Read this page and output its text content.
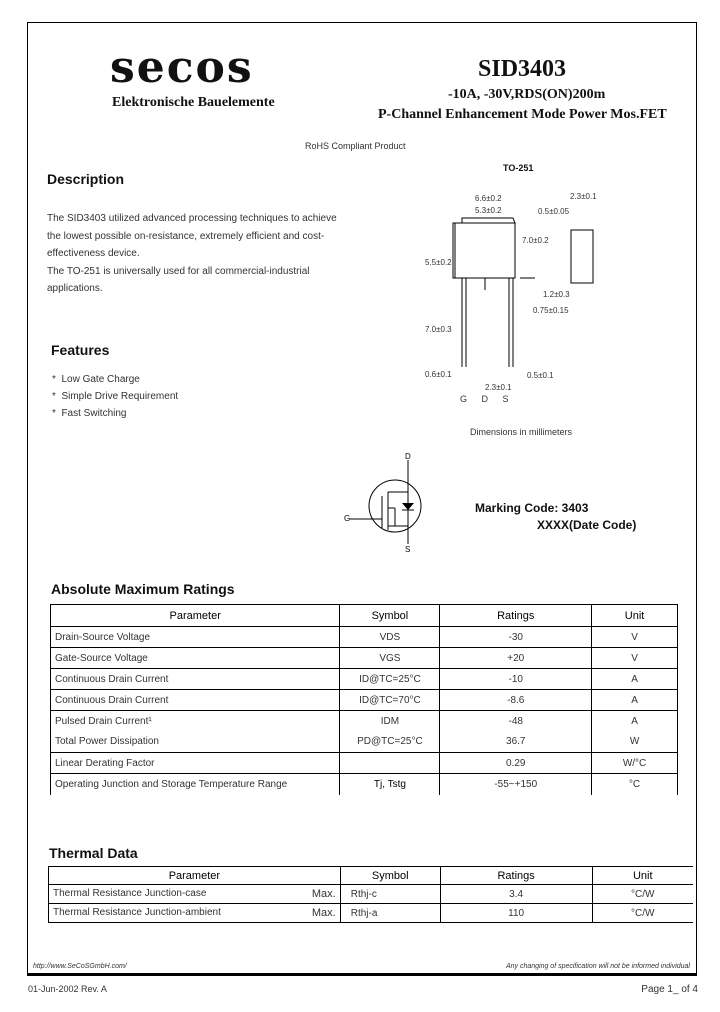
secos
Elektronische Bauelemente
SID3403
-10A, -30V,RDS(ON)200m
P-Channel Enhancement Mode Power Mos.FET
RoHS Compliant Product
Description
The SID3403 utilized advanced processing techniques to achieve
the lowest possible on-resistance, extremely efficient and cost-
effectiveness device.
The TO-251 is universally used for all commercial-industrial
applications.
Features
*  Low Gate Charge
*  Simple Drive Requirement
*  Fast Switching
TO-251
6.6±0.2
5.3±0.2	0.5±0.05
2.3±0.1
7.0±0.2
5.5±0.2
1.2±0.3
0.75±0.15
7.0±0.3
0.6±0.1	0.5±0.1
2.3±0.1
G D S
Dimensions in millimeters
D
G
S
Marking Code: 3403
XXXX(Date Code)
Absolute Maximum Ratings
Parameter	Symbol	Ratings	Unit
Drain-Source Voltage	VDS	-30	V
Gate-Source Voltage	VGS	+20	V
Continuous Drain Current	ID@TC=25°C	-10	A
Continuous Drain Current	ID@TC=70°C	-8.6	A
Pulsed Drain Current¹	IDM	-48	A
Total Power Dissipation	PD@TC=25°C	36.7	W
Linear Derating Factor		0.29	W/°C
Operating Junction and Storage Temperature Range	Tj, Tstg	-55~+150	°C
Thermal Data
Parameter	Symbol	Ratings	Unit
Thermal Resistance Junction-case Max.	Rthj-c	3.4	°C/W
Thermal Resistance Junction-ambient Max.	Rthj-a	110	°C/W
http://www.SeCoSGmbH.com/	Any changing of specification will not be informed individual
01-Jun-2002 Rev. A	Page 1_ of 4
